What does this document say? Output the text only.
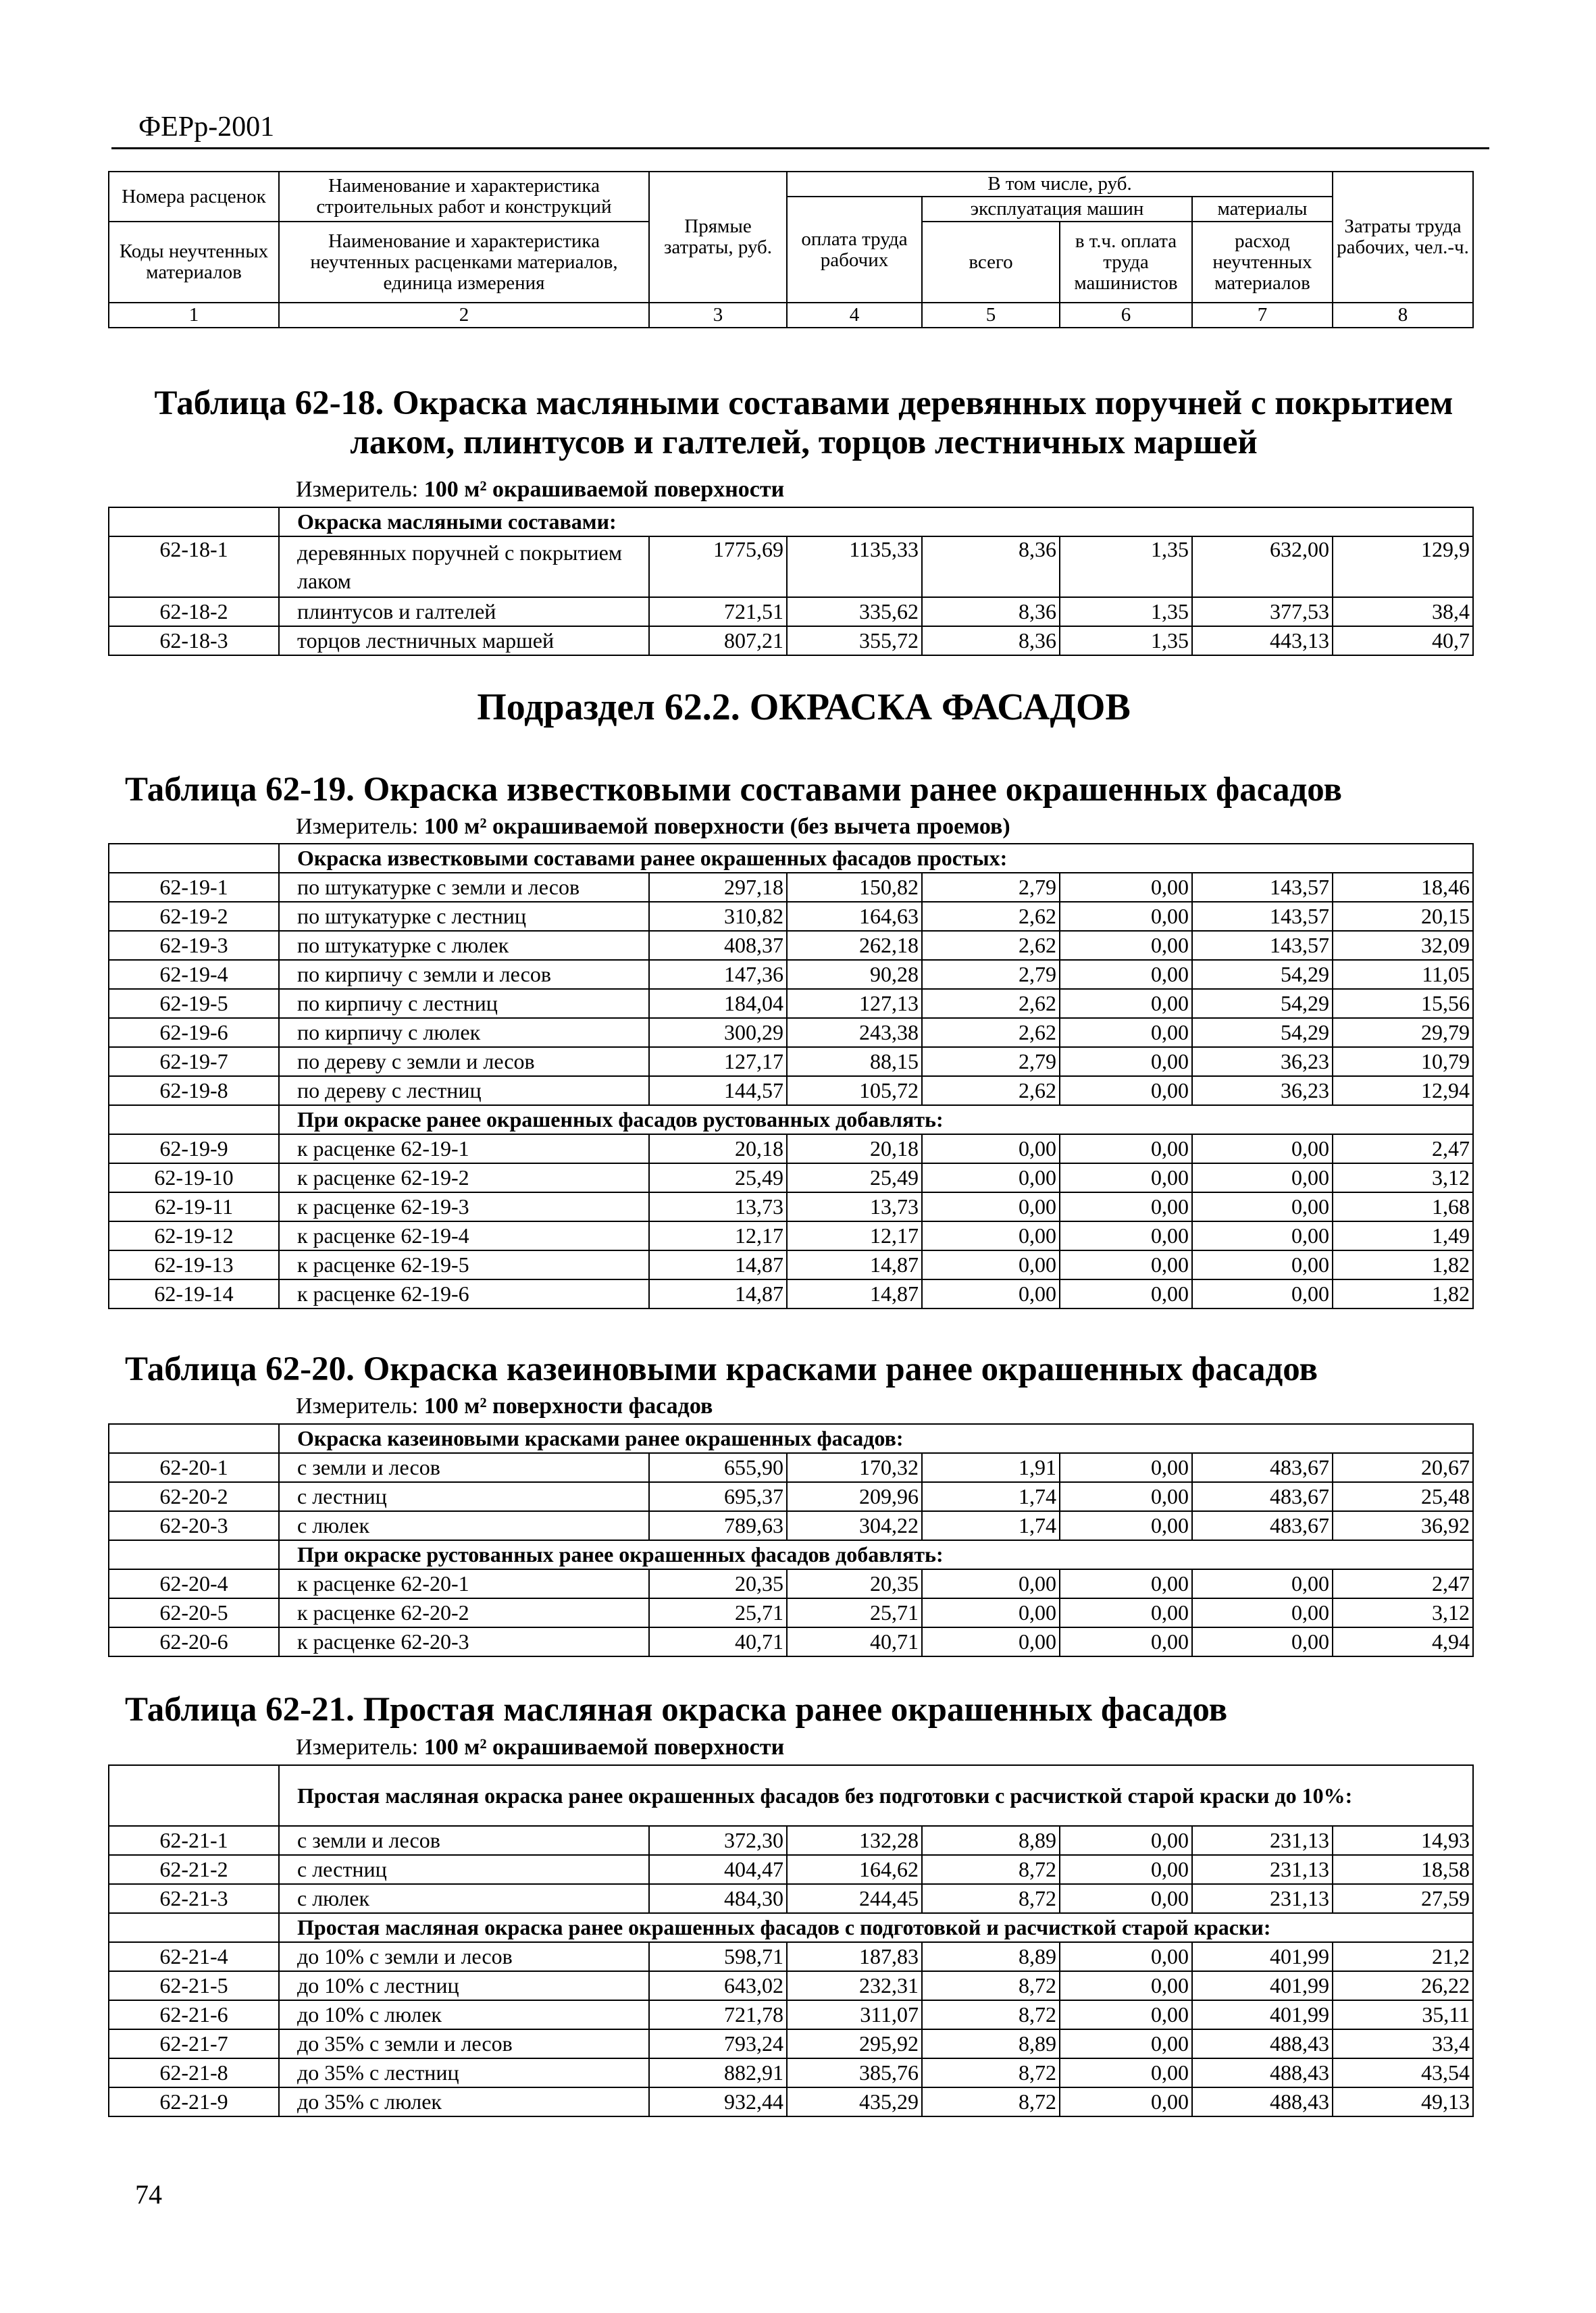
ФЕРр-2001
Номера расценок	Наименование и характеристика строительных работ и конструкций	Прямые затраты, руб.	В том числе, руб.				Затраты труда рабочих, чел.-ч.
			оплата труда рабочих	эксплуатация машин		материалы	
Коды неучтенных материалов	Наименование и характеристика неучтенных расценками материалов, единица измерения			всего	в т.ч. оплата труда машинистов	расход неучтенных материалов	

1	2	3	4	5	6	7	8
Таблица 62-18. Окраска масляными составами деревянных поручней с покрытием лаком, плинтусов и галтелей, торцов лестничных маршей
Измеритель: 100 м² окрашиваемой поверхности
	Окраска масляными составами:						
62-18-1	деревянных поручней с покрытием лаком	1775,69	1135,33	8,36	1,35	632,00	129,9
62-18-2	плинтусов и галтелей	721,51	335,62	8,36	1,35	377,53	38,4
62-18-3	торцов лестничных маршей	807,21	355,72	8,36	1,35	443,13	40,7
Подраздел 62.2. ОКРАСКА ФАСАДОВ
Таблица 62-19. Окраска известковыми составами ранее окрашенных фасадов
Измеритель: 100 м² окрашиваемой поверхности (без вычета проемов)
	Окраска известковыми составами ранее окрашенных фасадов простых:						
62-19-1	по штукатурке с земли и лесов	297,18	150,82	2,79	0,00	143,57	18,46
62-19-2	по штукатурке с лестниц	310,82	164,63	2,62	0,00	143,57	20,15
62-19-3	по штукатурке с люлек	408,37	262,18	2,62	0,00	143,57	32,09
62-19-4	по кирпичу с земли и лесов	147,36	90,28	2,79	0,00	54,29	11,05
62-19-5	по кирпичу с лестниц	184,04	127,13	2,62	0,00	54,29	15,56
62-19-6	по кирпичу с люлек	300,29	243,38	2,62	0,00	54,29	29,79
62-19-7	по дереву с земли и лесов	127,17	88,15	2,79	0,00	36,23	10,79
62-19-8	по дереву с лестниц	144,57	105,72	2,62	0,00	36,23	12,94
	При окраске ранее окрашенных фасадов рустованных добавлять:						
62-19-9	к расценке 62-19-1	20,18	20,18	0,00	0,00	0,00	2,47
62-19-10	к расценке 62-19-2	25,49	25,49	0,00	0,00	0,00	3,12
62-19-11	к расценке 62-19-3	13,73	13,73	0,00	0,00	0,00	1,68
62-19-12	к расценке 62-19-4	12,17	12,17	0,00	0,00	0,00	1,49
62-19-13	к расценке 62-19-5	14,87	14,87	0,00	0,00	0,00	1,82
62-19-14	к расценке 62-19-6	14,87	14,87	0,00	0,00	0,00	1,82
Таблица 62-20. Окраска казеиновыми красками ранее окрашенных фасадов
Измеритель: 100 м² поверхности фасадов
	Окраска казеиновыми красками ранее окрашенных фасадов:						
62-20-1	с земли и лесов	655,90	170,32	1,91	0,00	483,67	20,67
62-20-2	с лестниц	695,37	209,96	1,74	0,00	483,67	25,48
62-20-3	с люлек	789,63	304,22	1,74	0,00	483,67	36,92
	При окраске рустованных ранее окрашенных фасадов добавлять:						
62-20-4	к расценке 62-20-1	20,35	20,35	0,00	0,00	0,00	2,47
62-20-5	к расценке 62-20-2	25,71	25,71	0,00	0,00	0,00	3,12
62-20-6	к расценке 62-20-3	40,71	40,71	0,00	0,00	0,00	4,94
Таблица 62-21. Простая масляная окраска ранее окрашенных фасадов
Измеритель: 100 м² окрашиваемой поверхности
	Простая масляная окраска ранее окрашенных фасадов без подготовки с расчисткой старой краски до 10%:						
62-21-1	с земли и лесов	372,30	132,28	8,89	0,00	231,13	14,93
62-21-2	с лестниц	404,47	164,62	8,72	0,00	231,13	18,58
62-21-3	с люлек	484,30	244,45	8,72	0,00	231,13	27,59
	Простая масляная окраска ранее окрашенных фасадов с подготовкой и расчисткой старой краски:						
62-21-4	до 10% с земли и лесов	598,71	187,83	8,89	0,00	401,99	21,2
62-21-5	до 10% с лестниц	643,02	232,31	8,72	0,00	401,99	26,22
62-21-6	до 10% с люлек	721,78	311,07	8,72	0,00	401,99	35,11
62-21-7	до 35% с земли и лесов	793,24	295,92	8,89	0,00	488,43	33,4
62-21-8	до 35% с лестниц	882,91	385,76	8,72	0,00	488,43	43,54
62-21-9	до 35% с люлек	932,44	435,29	8,72	0,00	488,43	49,13
74
